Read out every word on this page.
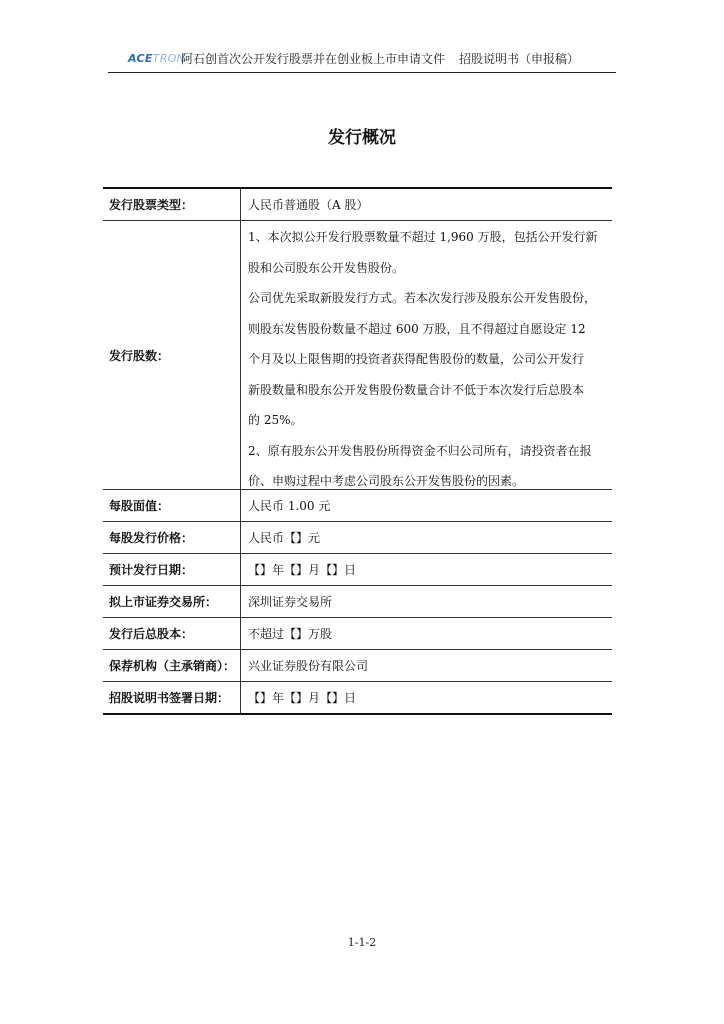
ACETRON
阿石创首次公开发行股票并在创业板上市申请文件 招股说明书（申报稿）
发行概况
发行股票类型：	人民币普通股（A 股）
发行股数：
1、本次拟公开发行股票数量不超过 1,960 万股，包括公开发行新
股和公司股东公开发售股份。
公司优先采取新股发行方式。若本次发行涉及股东公开发售股份，
则股东发售股份数量不超过 600 万股，且不得超过自愿设定 12
个月及以上限售期的投资者获得配售股份的数量，公司公开发行
新股数量和股东公开发售股份数量合计不低于本次发行后总股本
的 25%。
2、原有股东公开发售股份所得资金不归公司所有，请投资者在报
价、申购过程中考虑公司股东公开发售股份的因素。
每股面值：	人民币 1.00 元
每股发行价格：	人民币【】元
预计发行日期：	【】年【】月【】日
拟上市证券交易所：	深圳证券交易所
发行后总股本：	不超过【】万股
保荐机构（主承销商）：	兴业证券股份有限公司
招股说明书签署日期：	【】年【】月【】日
1-1-2
